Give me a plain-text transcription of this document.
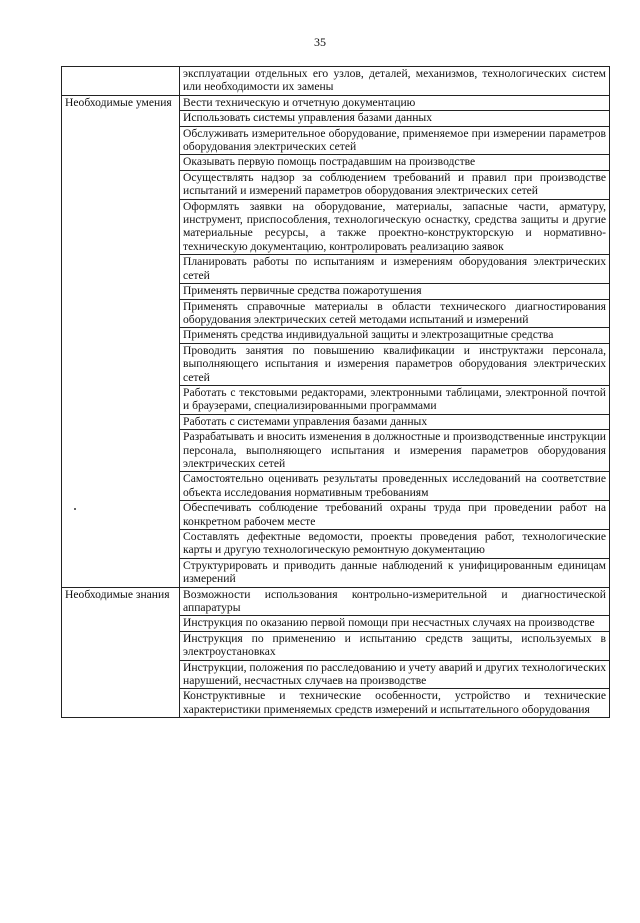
35
	эксплуатации отдельных его узлов, деталей, механизмов, технологических систем или необходимости их замены
Необходимые умения	Вести техническую и отчетную документацию
	Использовать системы управления базами данных
	Обслуживать измерительное оборудование, применяемое при измерении параметров оборудования электрических сетей
	Оказывать первую помощь пострадавшим на производстве
	Осуществлять надзор за соблюдением требований и правил при производстве испытаний и измерений параметров оборудования электрических сетей
	Оформлять заявки на оборудование, материалы, запасные части, арматуру, инструмент, приспособления, технологическую оснастку, средства защиты и другие материальные ресурсы, а также проектно-конструкторскую и нормативно-техническую документацию, контролировать реализацию заявок
	Планировать работы по испытаниям и измерениям оборудования электрических сетей
	Применять первичные средства пожаротушения
	Применять справочные материалы в области технического диагностирования оборудования электрических сетей методами испытаний и измерений
	Применять средства индивидуальной защиты и электрозащитные средства
	Проводить занятия по повышению квалификации и инструктажи персонала, выполняющего испытания и измерения параметров оборудования электрических сетей
	Работать с текстовыми редакторами, электронными таблицами, электронной почтой и браузерами, специализированными программами
	Работать с системами управления базами данных
	Разрабатывать и вносить изменения в должностные и производственные инструкции персонала, выполняющего испытания и измерения параметров оборудования электрических сетей
	Самостоятельно оценивать результаты проведенных исследований на соответствие объекта исследования нормативным требованиям
	Обеспечивать соблюдение требований охраны труда при проведении работ на конкретном рабочем месте
	Составлять дефектные ведомости, проекты проведения работ, технологические карты и другую технологическую ремонтную документацию
	Структурировать и приводить данные наблюдений к унифицированным единицам измерений
Необходимые знания	Возможности использования контрольно-измерительной и диагностической аппаратуры
	Инструкция по оказанию первой помощи при несчастных случаях на производстве
	Инструкция по применению и испытанию средств защиты, используемых в электроустановках
	Инструкции, положения по расследованию и учету аварий и других технологических нарушений, несчастных случаев на производстве
	Конструктивные и технические особенности, устройство и технические характеристики применяемых средств измерений и испытательного оборудования
